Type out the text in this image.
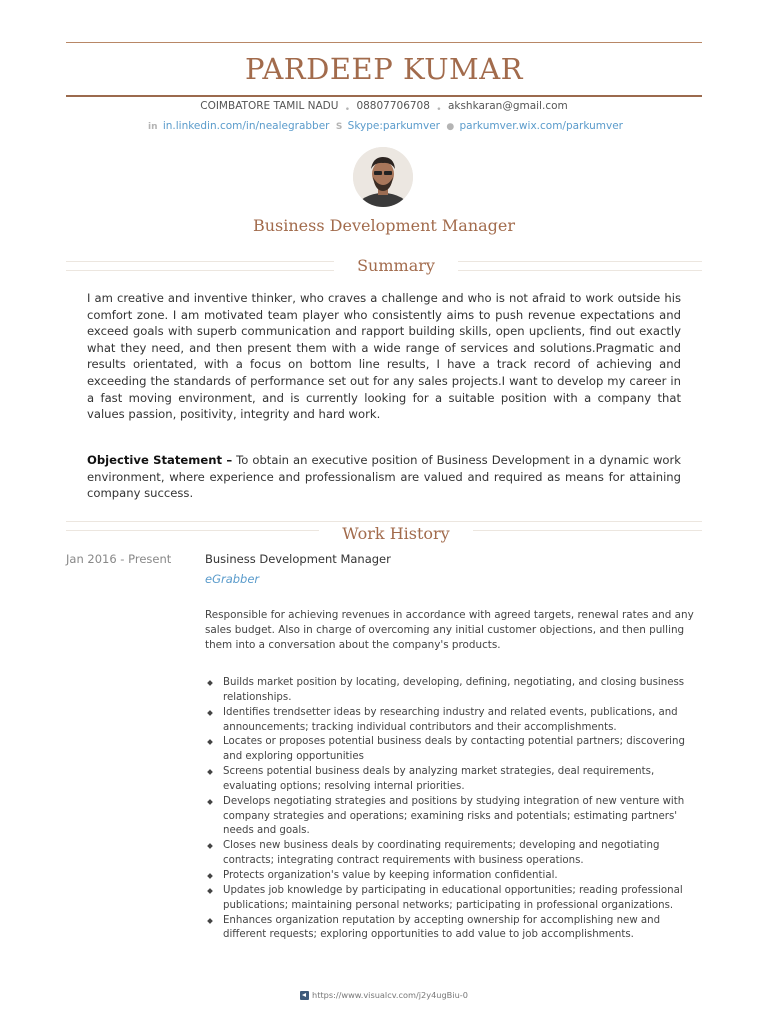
PARDEEP KUMAR
COIMBATORE TAMIL NADU • 08807706708 • akshkaran@gmail.com
in in.linkedin.com/in/nealegrabber S Skype:parkumver ● parkumver.wix.com/parkumver
Business Development Manager
Summary
I am creative and inventive thinker, who craves a challenge and who is not afraid to work outside his comfort zone. I am motivated team player who consistently aims to push revenue expectations and exceed goals with superb communication and rapport building skills, open upclients, find out exactly what they need, and then present them with a wide range of services and solutions.Pragmatic and results orientated, with a focus on bottom line results, I have a track record of achieving and exceeding the standards of performance set out for any sales projects.I want to develop my career in a fast moving environment, and is currently looking for a suitable position with a company that values passion, positivity, integrity and hard work.
Objective Statement – To obtain an executive position of Business Development in a dynamic work environment, where experience and professionalism are valued and required as means for attaining company success.
Work History
Jan 2016 - Present	Business Development Manager
eGrabber
Responsible for achieving revenues in accordance with agreed targets, renewal rates and any sales budget. Also in charge of overcoming any initial customer objections, and then pulling them into a conversation about the company's products.
Builds market position by locating, developing, defining, negotiating, and closing business relationships.
Identifies trendsetter ideas by researching industry and related events, publications, and announcements; tracking individual contributors and their accomplishments.
Locates or proposes potential business deals by contacting potential partners; discovering and exploring opportunities
Screens potential business deals by analyzing market strategies, deal requirements, evaluating options; resolving internal priorities.
Develops negotiating strategies and positions by studying integration of new venture with company strategies and operations; examining risks and potentials; estimating partners' needs and goals.
Closes new business deals by coordinating requirements; developing and negotiating contracts; integrating contract requirements with business operations.
Protects organization's value by keeping information confidential.
Updates job knowledge by participating in educational opportunities; reading professional publications; maintaining personal networks; participating in professional organizations.
Enhances organization reputation by accepting ownership for accomplishing new and different requests; exploring opportunities to add value to job accomplishments.
https://www.visualcv.com/j2y4ugBiu-0
